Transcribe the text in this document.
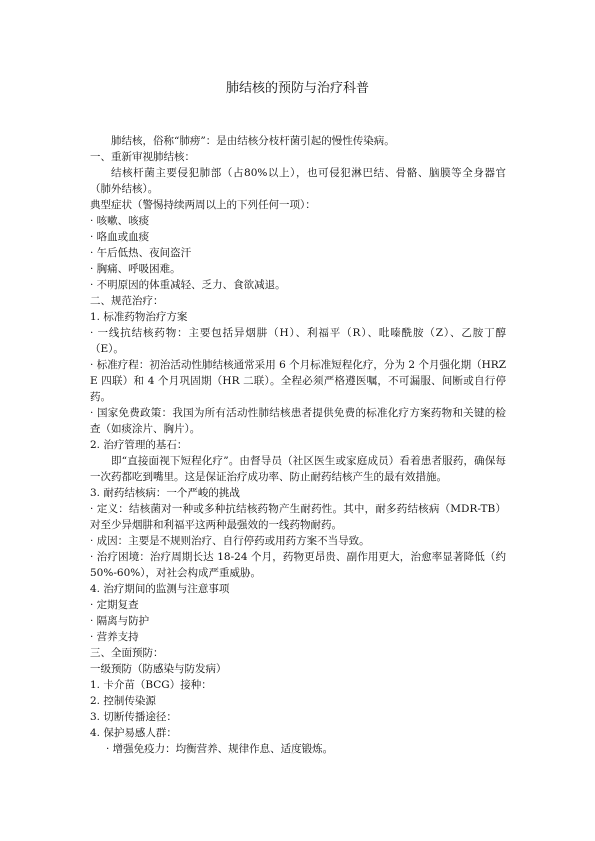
肺结核的预防与治疗科普

肺结核，俗称“肺痨”：是由结核分枝杆菌引起的慢性传染病。

一、重新审视肺结核：

结核杆菌主要侵犯肺部（占80%以上），也可侵犯淋巴结、骨骼、脑膜等全身器官（肺外结核）。

典型症状（警惕持续两周以上的下列任何一项）：

· 咳嗽、咳痰

· 咯血或血痰

· 午后低热、夜间盗汗

· 胸痛、呼吸困难。

· 不明原因的体重减轻、乏力、食欲减退。

二、规范治疗：

1. 标准药物治疗方案

· 一线抗结核药物：主要包括异烟肼（H）、利福平（R）、吡嗪酰胺（Z）、乙胺丁醇（E）。

· 标准疗程：初治活动性肺结核通常采用 6 个月标准短程化疗，分为 2 个月强化期（HRZE 四联）和 4 个月巩固期（HR 二联）。全程必须严格遵医嘱，不可漏服、间断或自行停药。

· 国家免费政策：我国为所有活动性肺结核患者提供免费的标准化疗方案药物和关键的检查（如痰涂片、胸片）。

2. 治疗管理的基石：

即“直接面视下短程化疗”。由督导员（社区医生或家庭成员）看着患者服药，确保每一次药都吃到嘴里。这是保证治疗成功率、防止耐药结核产生的最有效措施。

3. 耐药结核病：一个严峻的挑战

· 定义：结核菌对一种或多种抗结核药物产生耐药性。其中，耐多药结核病（MDR-TB）对至少异烟肼和利福平这两种最强效的一线药物耐药。

· 成因：主要是不规则治疗、自行停药或用药方案不当导致。

· 治疗困境：治疗周期长达 18-24 个月，药物更昂贵、副作用更大，治愈率显著降低（约 50%-60%），对社会构成严重威胁。

4. 治疗期间的监测与注意事项

· 定期复查

· 隔离与防护

· 营养支持

三、全面预防：

一级预防（防感染与防发病）

1. 卡介苗（BCG）接种：

2. 控制传染源

3. 切断传播途径：

4. 保护易感人群：

· 增强免疫力：均衡营养、规律作息、适度锻炼。
